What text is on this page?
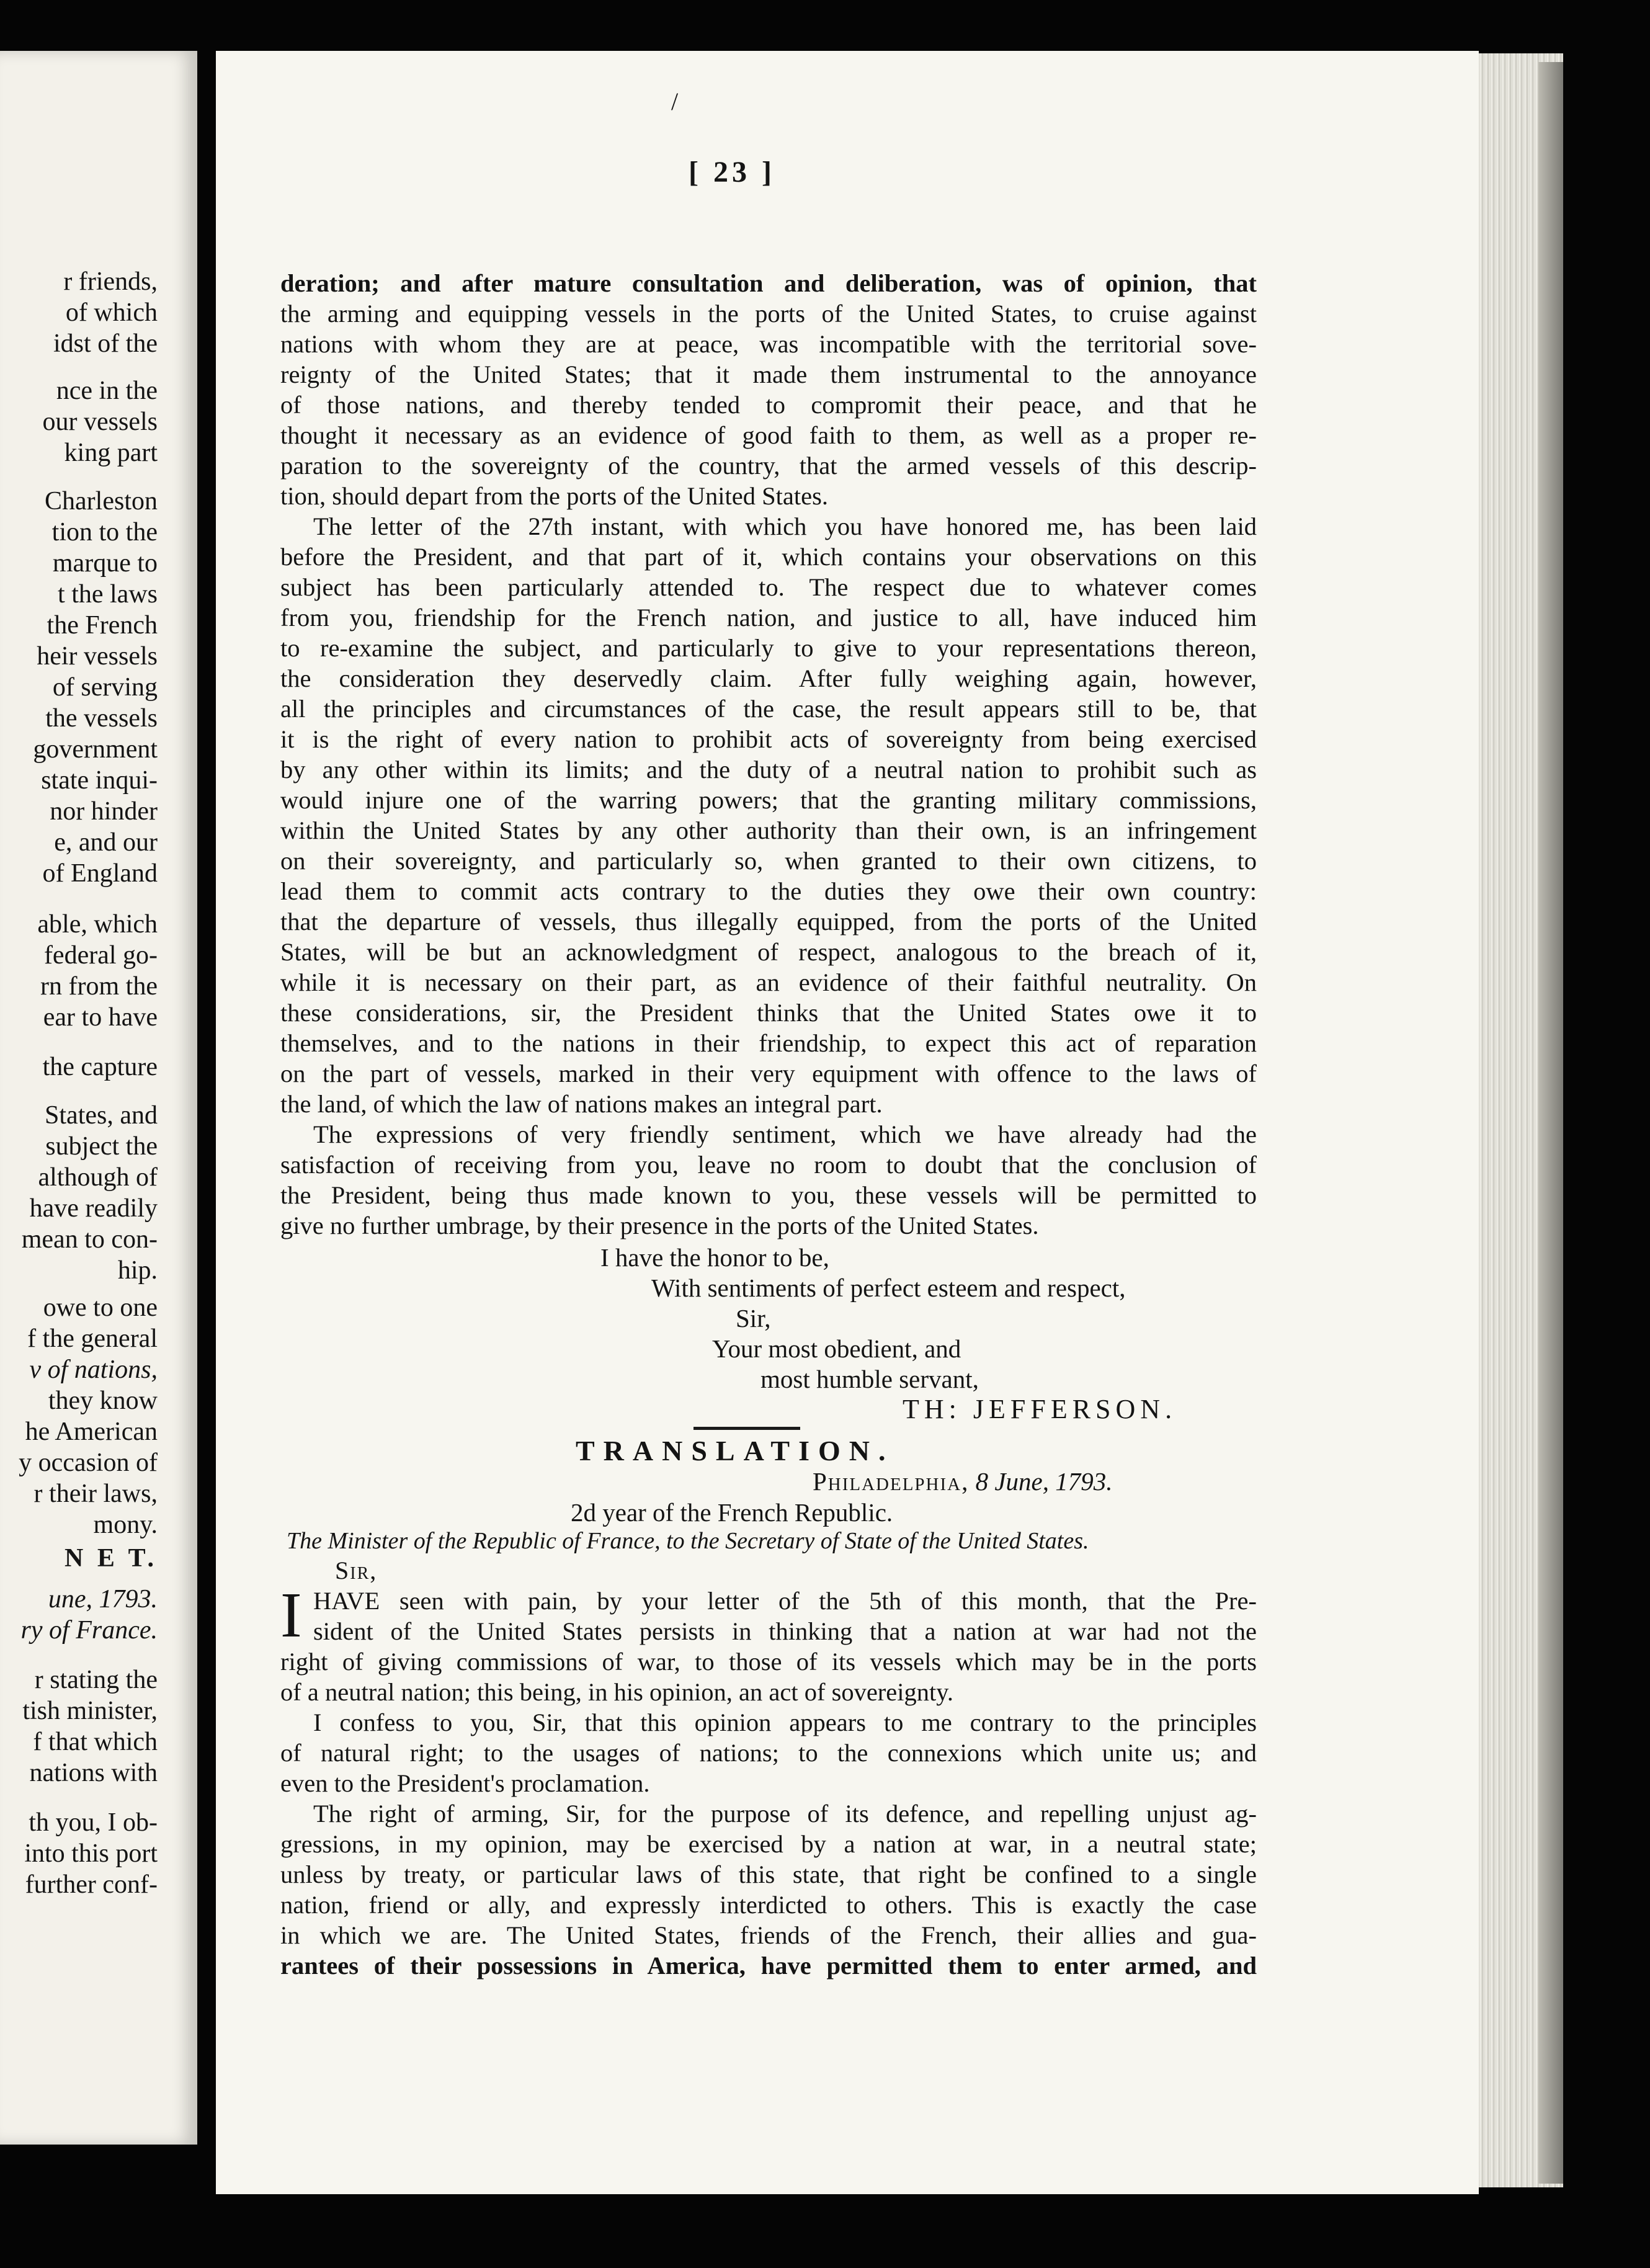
r friends,
of which
idst of the
nce in the
our vessels
king part
Charleston
tion to the
marque to
t the laws
the French
heir vessels
of serving
the vessels
government
state inqui-
nor hinder
e, and our
of England
able, which
federal go-
rn from the
ear to have
the capture
States, and
subject the
although of
have readily
mean to con-
hip.
owe to one
f the general
v of nations,
they know
he American
y occasion of
r their laws,
mony.
N E T.
une, 1793.
ry of France.
r stating the
tish minister,
f that which
nations with
th you, I ob-
into this port
further conf-
/
[ 23 ]
deration; and after mature consultation and deliberation, was of opinion, that
the arming and equipping vessels in the ports of the United States, to cruise against
nations with whom they are at peace, was incompatible with the territorial sove-
reignty of the United States; that it made them instrumental to the annoyance
of those nations, and thereby tended to compromit their peace, and that he
thought it necessary as an evidence of good faith to them, as well as a proper re-
paration to the sovereignty of the country, that the armed vessels of this descrip-
tion, should depart from the ports of the United States.
The letter of the 27th instant, with which you have honored me, has been laid
before the President, and that part of it, which contains your observations on this
subject has been particularly attended to. The respect due to whatever comes
from you, friendship for the French nation, and justice to all, have induced him
to re-examine the subject, and particularly to give to your representations thereon,
the consideration they deservedly claim. After fully weighing again, however,
all the principles and circumstances of the case, the result appears still to be, that
it is the right of every nation to prohibit acts of sovereignty from being exercised
by any other within its limits; and the duty of a neutral nation to prohibit such as
would injure one of the warring powers; that the granting military commissions,
within the United States by any other authority than their own, is an infringement
on their sovereignty, and particularly so, when granted to their own citizens, to
lead them to commit acts contrary to the duties they owe their own country:
that the departure of vessels, thus illegally equipped, from the ports of the United
States, will be but an acknowledgment of respect, analogous to the breach of it,
while it is necessary on their part, as an evidence of their faithful neutrality. On
these considerations, sir, the President thinks that the United States owe it to
themselves, and to the nations in their friendship, to expect this act of reparation
on the part of vessels, marked in their very equipment with offence to the laws of
the land, of which the law of nations makes an integral part.
The expressions of very friendly sentiment, which we have already had the
satisfaction of receiving from you, leave no room to doubt that the conclusion of
the President, being thus made known to you, these vessels will be permitted to
give no further umbrage, by their presence in the ports of the United States.
I have the honor to be,
With sentiments of perfect esteem and respect,
Sir,
Your most obedient, and
most humble servant,
TH: JEFFERSON.
TRANSLATION.
Philadelphia, 8 June, 1793.
2d year of the French Republic.
The Minister of the Republic of France, to the Secretary of State of the United States.
Sir,
I HAVE seen with pain, by your letter of the 5th of this month, that the Pre-
sident of the United States persists in thinking that a nation at war had not the
right of giving commissions of war, to those of its vessels which may be in the ports
of a neutral nation; this being, in his opinion, an act of sovereignty.
I confess to you, Sir, that this opinion appears to me contrary to the principles
of natural right; to the usages of nations; to the connexions which unite us; and
even to the President's proclamation.
The right of arming, Sir, for the purpose of its defence, and repelling unjust ag-
gressions, in my opinion, may be exercised by a nation at war, in a neutral state;
unless by treaty, or particular laws of this state, that right be confined to a single
nation, friend or ally, and expressly interdicted to others. This is exactly the case
in which we are. The United States, friends of the French, their allies and gua-
rantees of their possessions in America, have permitted them to enter armed, and
